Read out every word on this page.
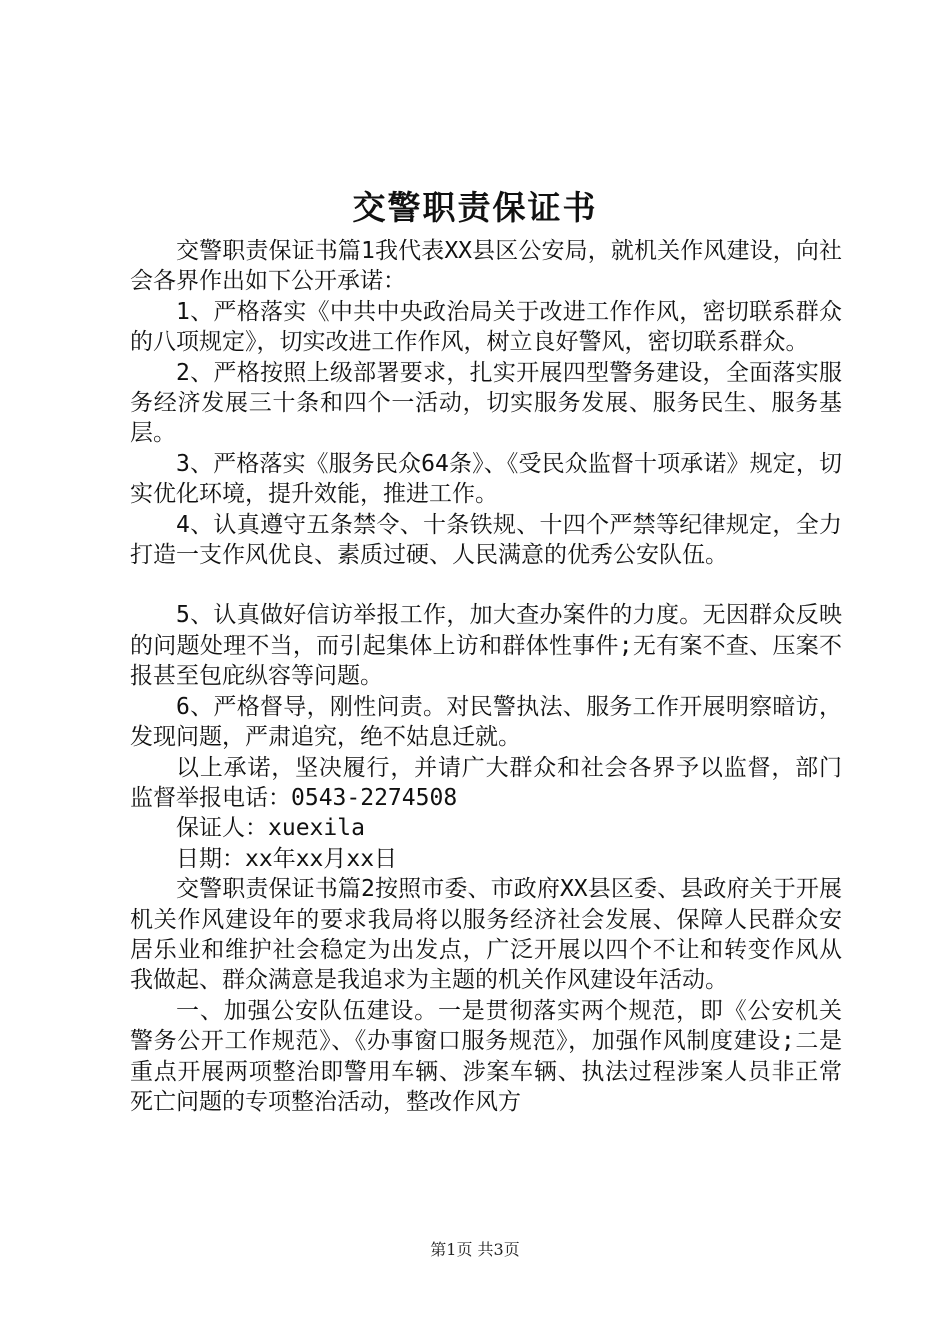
交警职责保证书

交警职责保证书篇1我代表XX县区公安局，就机关作风建设，向社会各界作出如下公开承诺：

1、严格落实《中共中央政治局关于改进工作作风，密切联系群众的八项规定》，切实改进工作作风，树立良好警风，密切联系群众。

2、严格按照上级部署要求，扎实开展四型警务建设，全面落实服务经济发展三十条和四个一活动，切实服务发展、服务民生、服务基层。

3、严格落实《服务民众64条》、《受民众监督十项承诺》规定，切实优化环境，提升效能，推进工作。

4、认真遵守五条禁令、十条铁规、十四个严禁等纪律规定，全力打造一支作风优良、素质过硬、人民满意的优秀公安队伍。

5、认真做好信访举报工作，加大查办案件的力度。无因群众反映的问题处理不当，而引起集体上访和群体性事件;无有案不查、压案不报甚至包庇纵容等问题。

6、严格督导，刚性问责。对民警执法、服务工作开展明察暗访，发现问题，严肃追究，绝不姑息迁就。

以上承诺，坚决履行，并请广大群众和社会各界予以监督，部门监督举报电话：0543-2274508

保证人：xuexila

日期：xx年xx月xx日

交警职责保证书篇2按照市委、市政府XX县区委、县政府关于开展机关作风建设年的要求我局将以服务经济社会发展、保障人民群众安居乐业和维护社会稳定为出发点，广泛开展以四个不让和转变作风从我做起、群众满意是我追求为主题的机关作风建设年活动。

一、加强公安队伍建设。一是贯彻落实两个规范，即《公安机关警务公开工作规范》、《办事窗口服务规范》，加强作风制度建设;二是重点开展两项整治即警用车辆、涉案车辆、执法过程涉案人员非正常死亡问题的专项整治活动，整改作风方

第1页 共3页
